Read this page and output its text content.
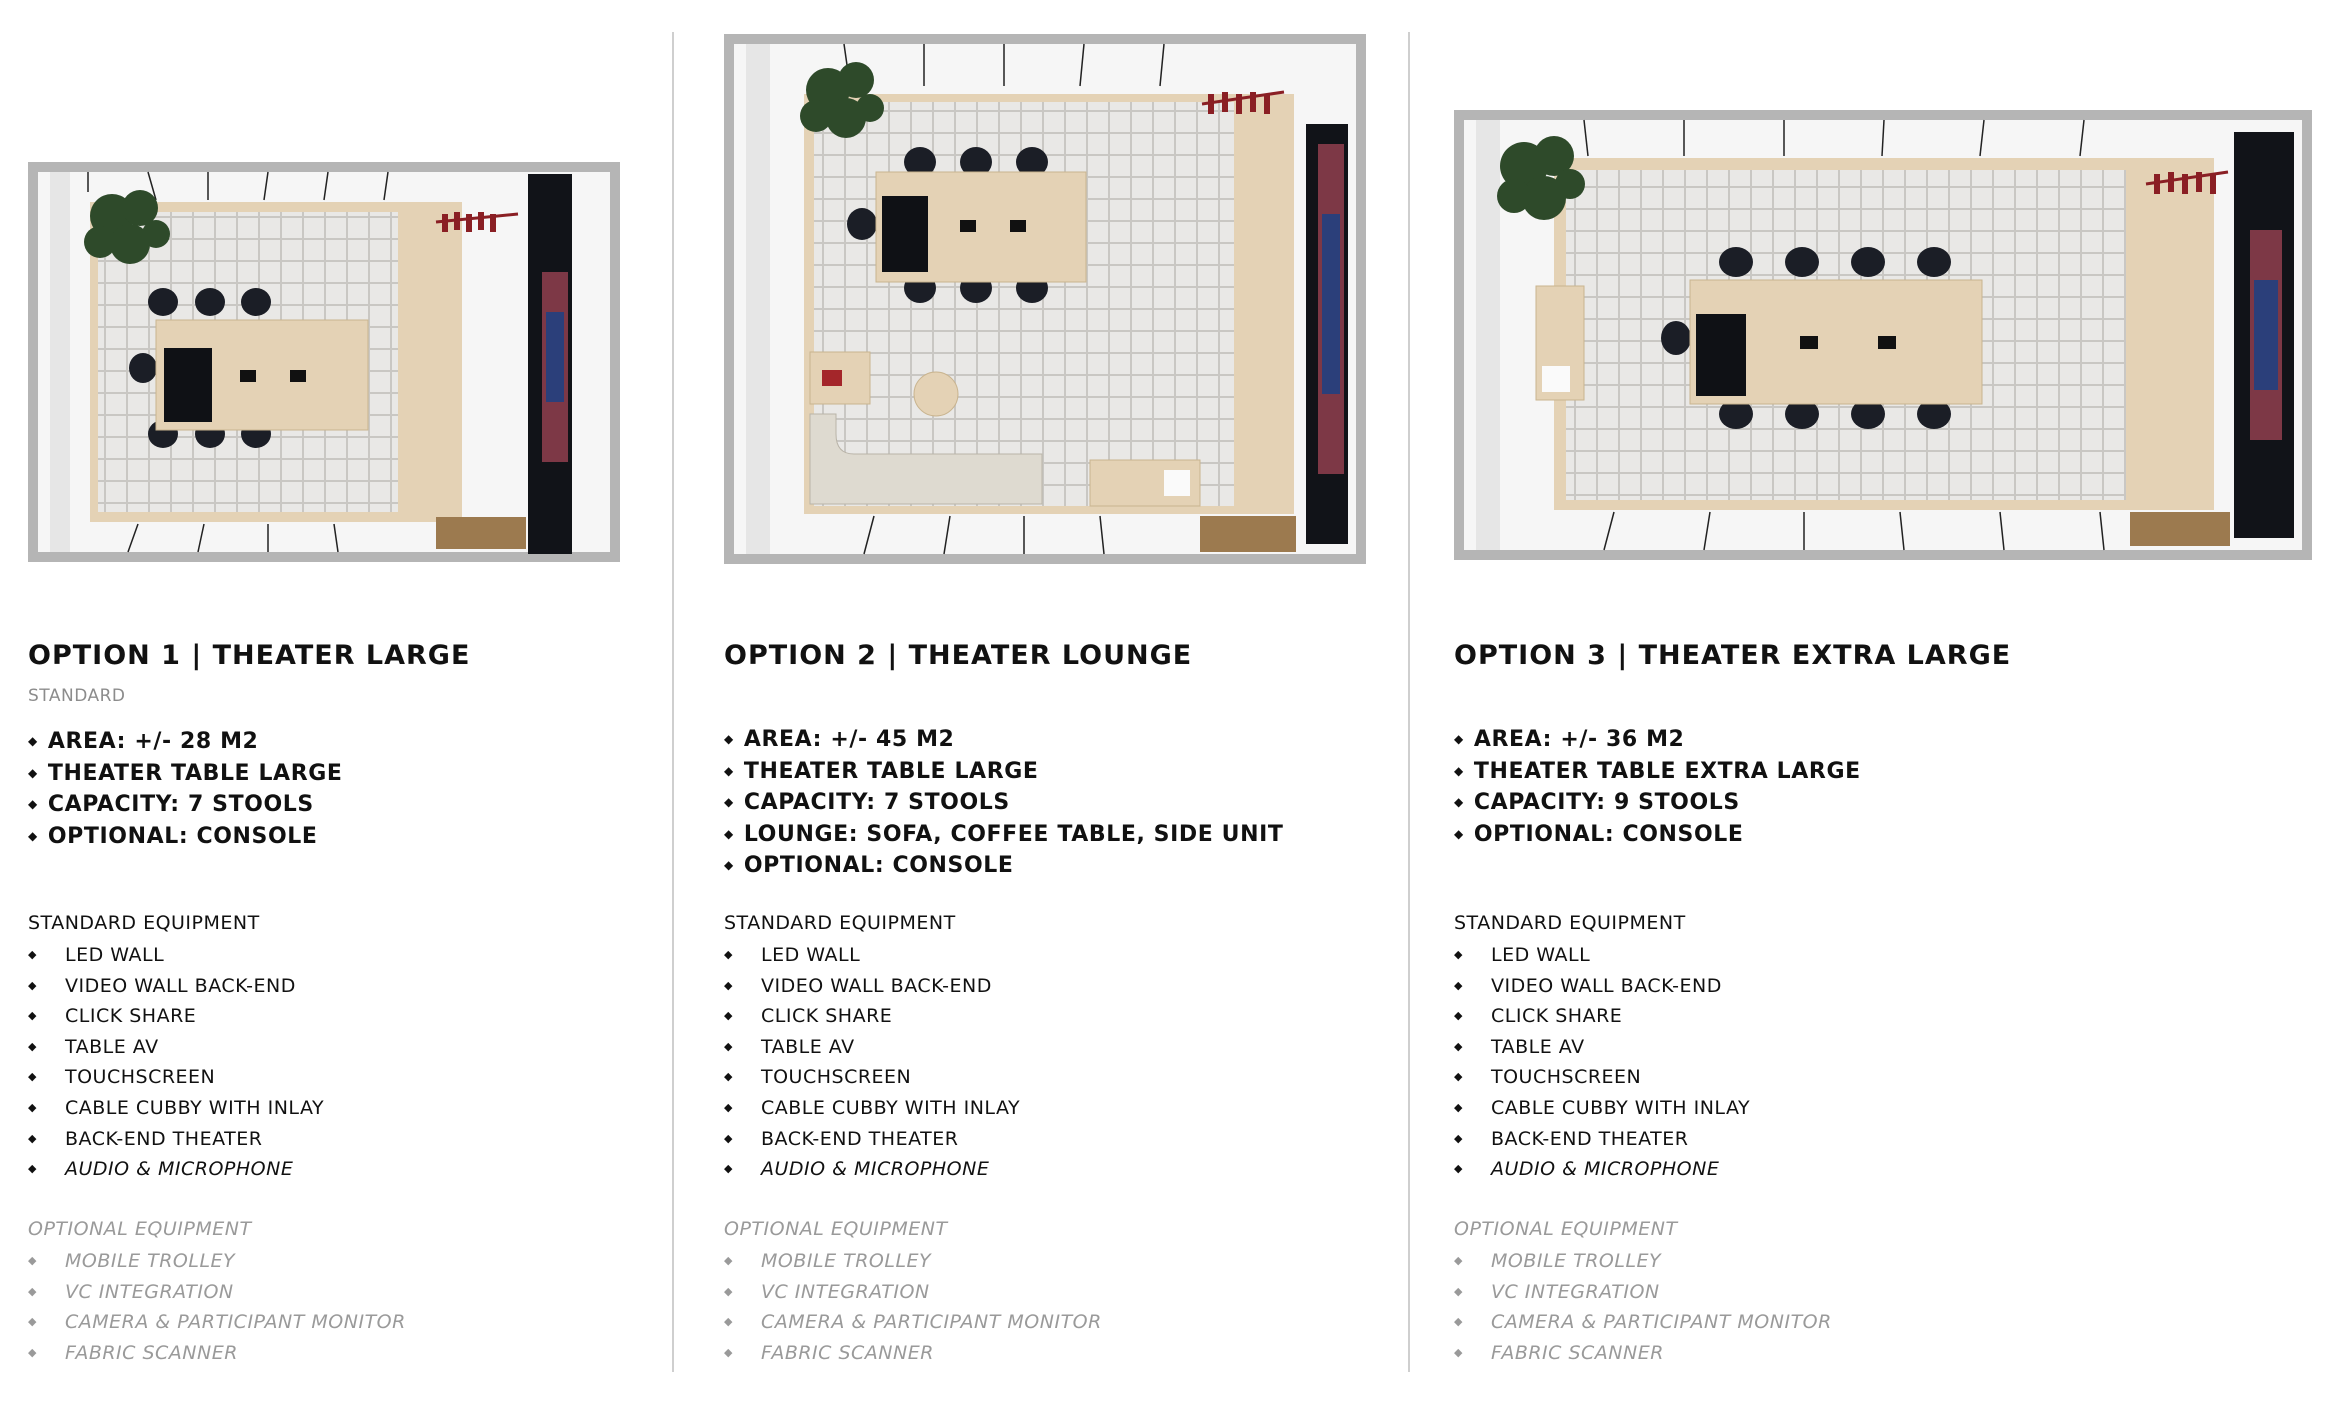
OPTION 1 | THEATER LARGE

STANDARD

◆ AREA: +/- 28 M2
◆ THEATER TABLE LARGE
◆ CAPACITY: 7 STOOLS
◆ OPTIONAL: CONSOLE

STANDARD EQUIPMENT

◆ LED WALL
◆ VIDEO WALL BACK-END
◆ CLICK SHARE
◆ TABLE AV
◆ TOUCHSCREEN
◆ CABLE CUBBY WITH INLAY
◆ BACK-END THEATER
◆ AUDIO & MICROPHONE

OPTIONAL EQUIPMENT

◆ MOBILE TROLLEY
◆ VC INTEGRATION
◆ CAMERA & PARTICIPANT MONITOR
◆ FABRIC SCANNER
OPTION 2 | THEATER LOUNGE
◆ AREA: +/- 45 M2
◆ THEATER TABLE LARGE
◆ CAPACITY: 7 STOOLS
◆ LOUNGE: SOFA, COFFEE TABLE, SIDE UNIT
◆ OPTIONAL: CONSOLE

STANDARD EQUIPMENT

◆ LED WALL
◆ VIDEO WALL BACK-END
◆ CLICK SHARE
◆ TABLE AV
◆ TOUCHSCREEN
◆ CABLE CUBBY WITH INLAY
◆ BACK-END THEATER
◆ AUDIO & MICROPHONE

OPTIONAL EQUIPMENT

◆ MOBILE TROLLEY
◆ VC INTEGRATION
◆ CAMERA & PARTICIPANT MONITOR
◆ FABRIC SCANNER
OPTION 3 | THEATER EXTRA LARGE
◆ AREA: +/- 36 M2
◆ THEATER TABLE EXTRA LARGE
◆ CAPACITY: 9 STOOLS
◆ OPTIONAL: CONSOLE

STANDARD EQUIPMENT

◆ LED WALL
◆ VIDEO WALL BACK-END
◆ CLICK SHARE
◆ TABLE AV
◆ TOUCHSCREEN
◆ CABLE CUBBY WITH INLAY
◆ BACK-END THEATER
◆ AUDIO & MICROPHONE

OPTIONAL EQUIPMENT

◆ MOBILE TROLLEY
◆ VC INTEGRATION
◆ CAMERA & PARTICIPANT MONITOR
◆ FABRIC SCANNER
